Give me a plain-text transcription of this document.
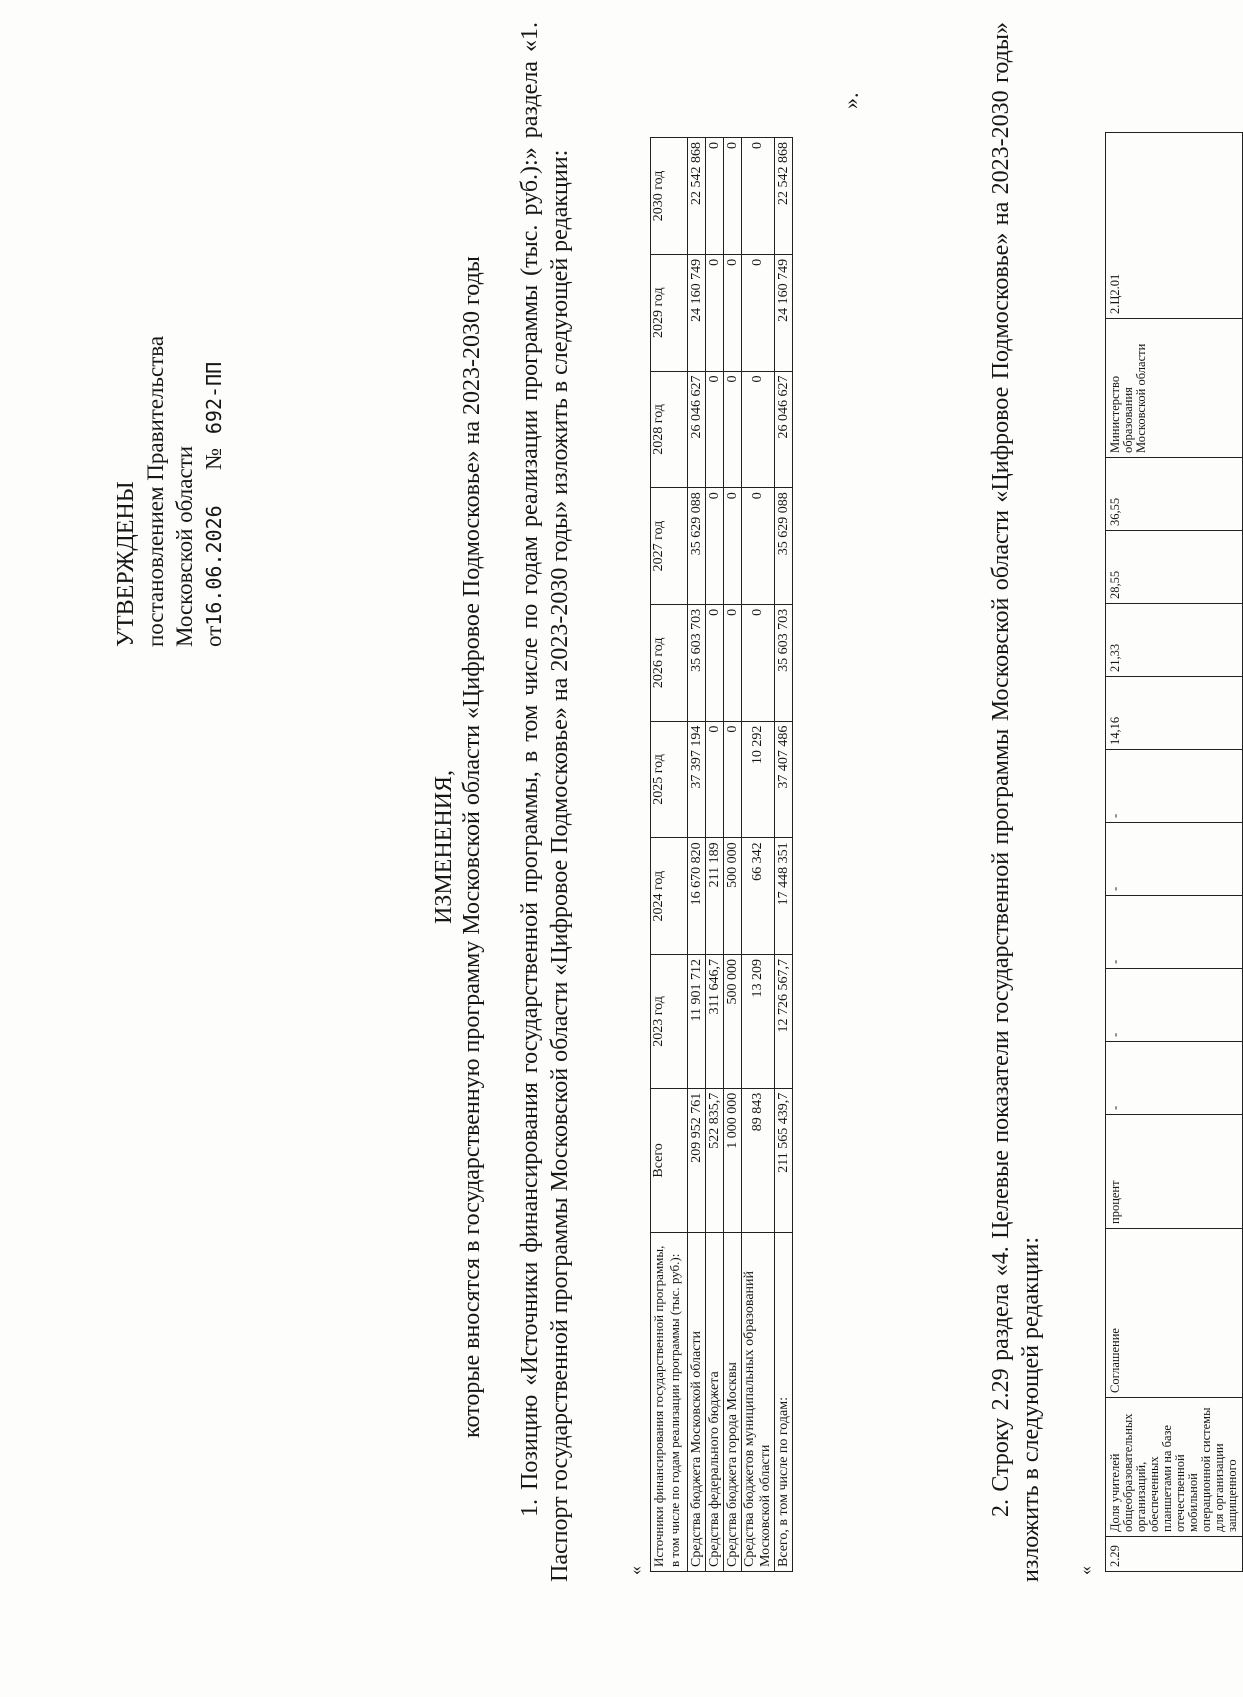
УТВЕРЖДЕНЫ постановлением Правительства Московской области от16.06.2026  № 692-ПП
ИЗМЕНЕНИЯ, которые вносятся в государственную программу Московской области «Цифровое Подмосковье» на 2023-2030 годы 1. Позицию «Источники финансирования государственной программы, в том числе по годам реализации программы (тыс. руб.):» раздела «1. Паспорт государственной программы Московской области «Цифровое Подмосковье» на 2023-2030 годы» изложить в следующей редакции:	«
Источники финансирования государственной программы, в том числе по годам реализации программы (тыс. руб.):	Всего	2023 год	2024 год	2025 год	2026 год	2027 год	2028 год	2029 год	2030 год
Средства бюджета Московской области	209 952 761	11 901 712	16 670 820	37 397 194	35 603 703	35 629 088	26 046 627	24 160 749	22 542 868
Средства федерального бюджета	522 835,7	311 646,7	211 189	0	0	0	0	0	0
Средства бюджета города Москвы	1 000 000	500 000	500 000	0	0	0	0	0	0
Средства бюджетов муниципальных образований Московской области	89 843	13 209	66 342	10 292	0	0	0	0	0
Всего, в том числе по годам:	211 565 439,7	12 726 567,7	17 448 351	37 407 486	35 603 703	35 629 088	26 046 627	24 160 749	22 542 868
».	2. Строку 2.29 раздела «4. Целевые показатели государственной программы Московской области «Цифровое Подмосковье» на 2023-2030 годы» изложить в следующей редакции: «
2.29	Доля учителей общеобразовательных организаций, обеспеченных планшетами на базе отечественной мобильной операционной системы для организации защищенного	Соглашение	процент	-	-	-	-	-	14,16	21,33	28,55	36,55	Министерство образования Московской области	2.Ц2.01
